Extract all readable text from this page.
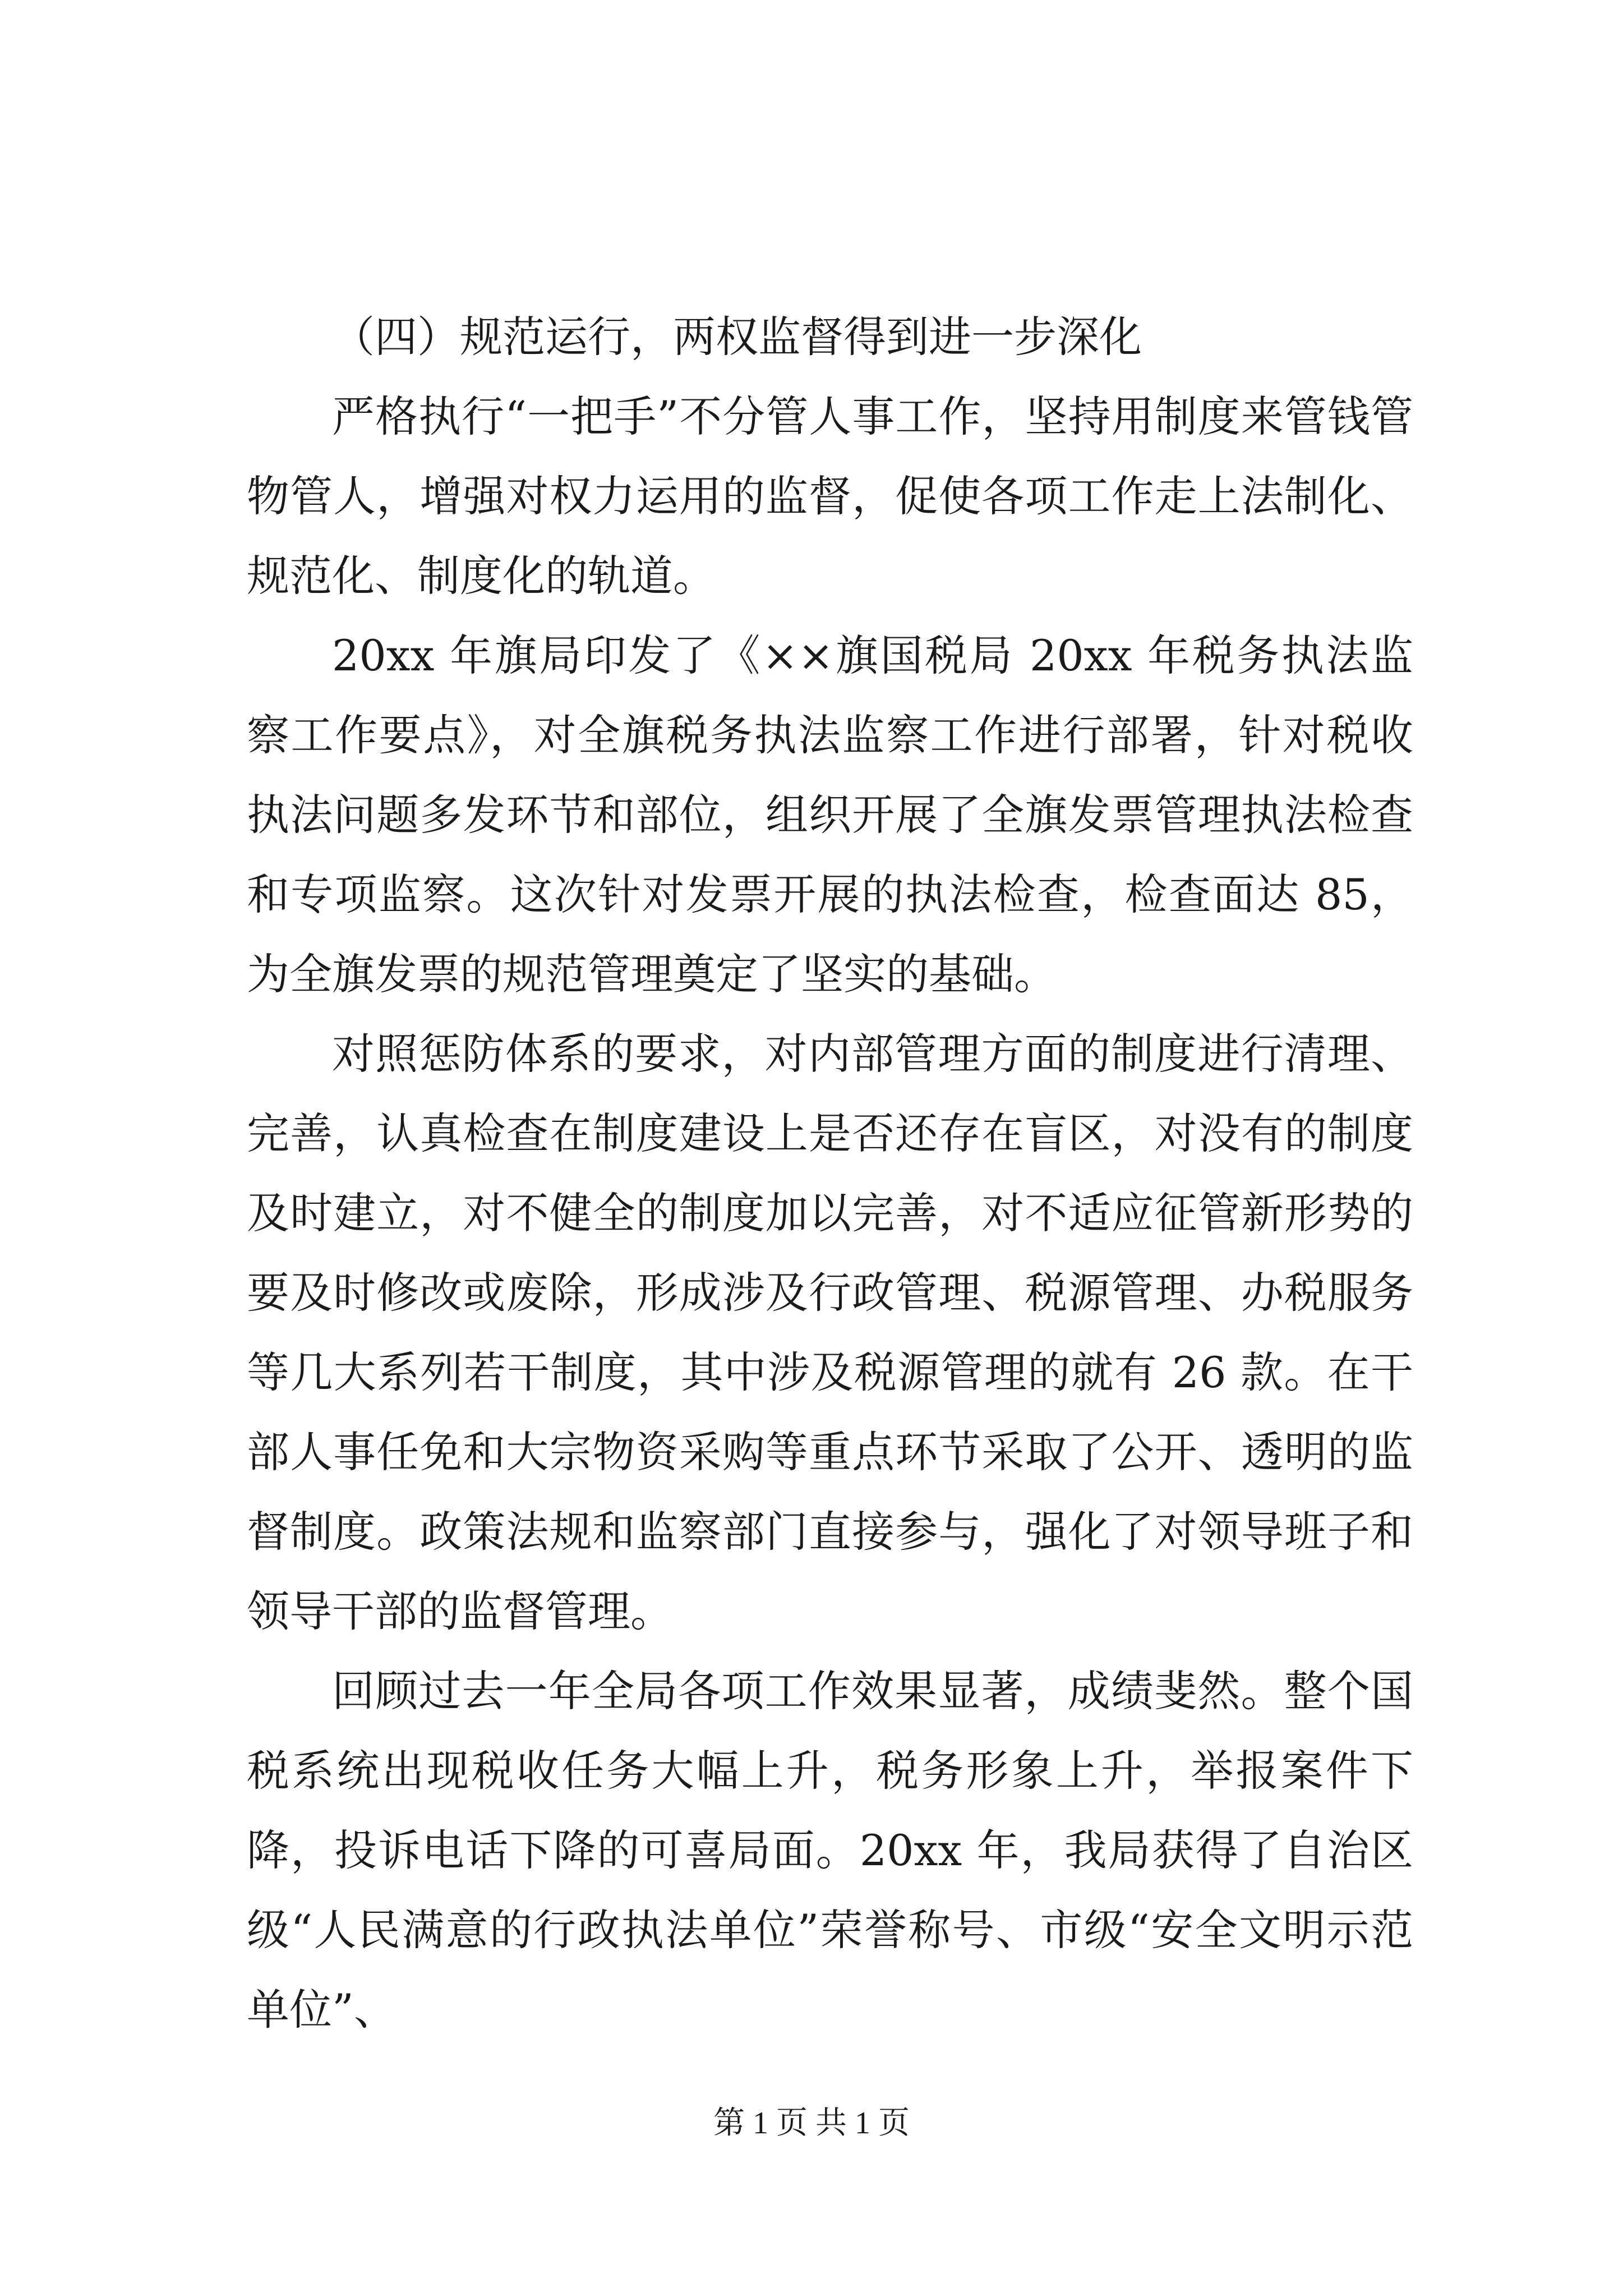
（四）规范运行，两权监督得到进一步深化

严格执行“一把手”不分管人事工作，坚持用制度来管钱管物管人，增强对权力运用的监督，促使各项工作走上法制化、规范化、制度化的轨道。

20xx 年旗局印发了《××旗国税局 20xx 年税务执法监察工作要点》，对全旗税务执法监察工作进行部署，针对税收执法问题多发环节和部位，组织开展了全旗发票管理执法检查和专项监察。这次针对发票开展的执法检查，检查面达 85，为全旗发票的规范管理奠定了坚实的基础。

对照惩防体系的要求，对内部管理方面的制度进行清理、完善，认真检查在制度建设上是否还存在盲区，对没有的制度及时建立，对不健全的制度加以完善，对不适应征管新形势的要及时修改或废除，形成涉及行政管理、税源管理、办税服务等几大系列若干制度，其中涉及税源管理的就有 26 款。在干部人事任免和大宗物资采购等重点环节采取了公开、透明的监督制度。政策法规和监察部门直接参与，强化了对领导班子和领导干部的监督管理。

回顾过去一年全局各项工作效果显著，成绩斐然。整个国税系统出现税收任务大幅上升，税务形象上升，举报案件下降，投诉电话下降的可喜局面。20xx 年，我局获得了自治区级“人民满意的行政执法单位”荣誉称号、市级“安全文明示范单位”、

第 1 页 共 1 页
